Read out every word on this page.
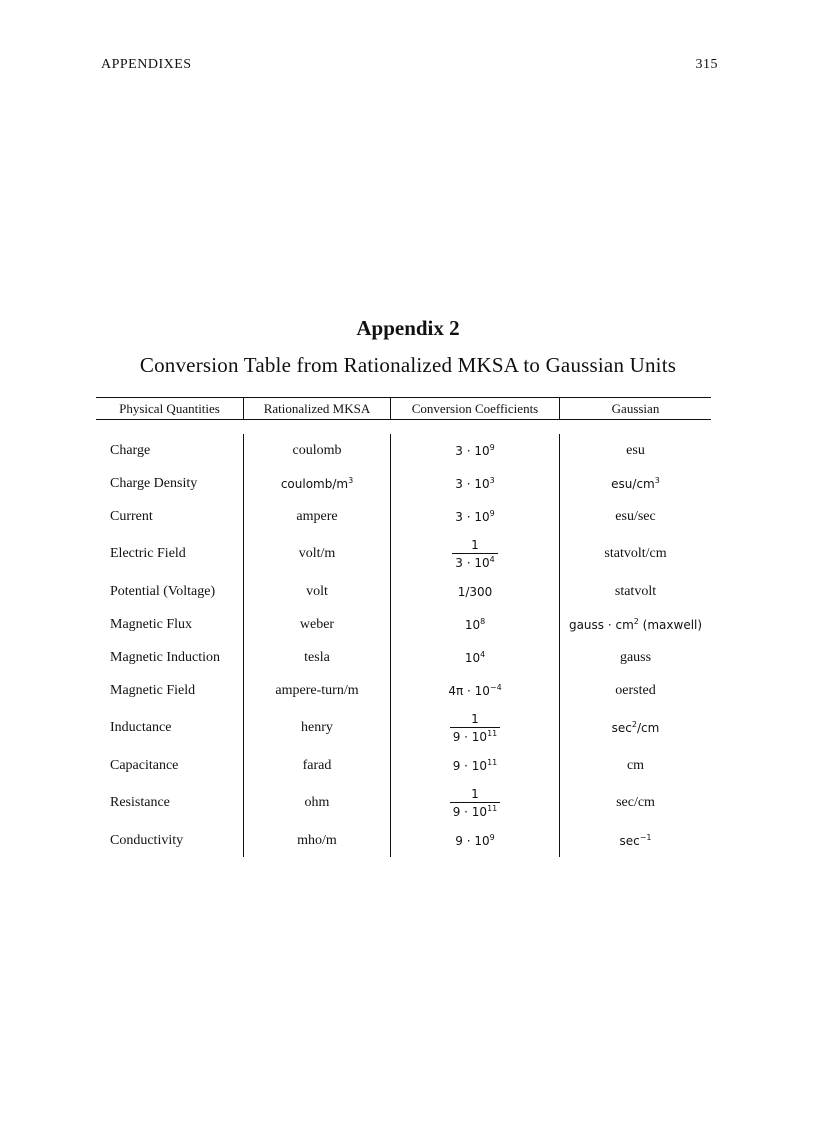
APPENDIXES	315
Appendix 2
Conversion Table from Rationalized MKSA to Gaussian Units
Physical Quantities	Rationalized MKSA	Conversion Coefficients	Gaussian
Charge	coulomb	$3 \cdot 10^9$	esu
Charge Density	coulomb/$m^3$	$3 \cdot 10^3$	esu/$cm^3$
Current	ampere	$3 \cdot 10^9$	esu/sec
Electric Field	volt/m	$\frac{1}{3 \cdot 10^4}$	statvolt/cm
Potential (Voltage)	volt	1/300	statvolt
Magnetic Flux	weber	$10^8$	gauss · $cm^2$ (maxwell)
Magnetic Induction	tesla	$10^4$	gauss
Magnetic Field	ampere-turn/m	$4\pi \cdot 10^{-4}$	oersted
Inductance	henry	$\frac{1}{9 \cdot 10^{11}}$	$\sec^2/cm$
Capacitance	farad	$9 \cdot 10^{11}$	cm
Resistance	ohm	$\frac{1}{9 \cdot 10^{11}}$	sec/cm
Conductivity	mho/m	$9 \cdot 10^9$	$\sec^{-1}$
